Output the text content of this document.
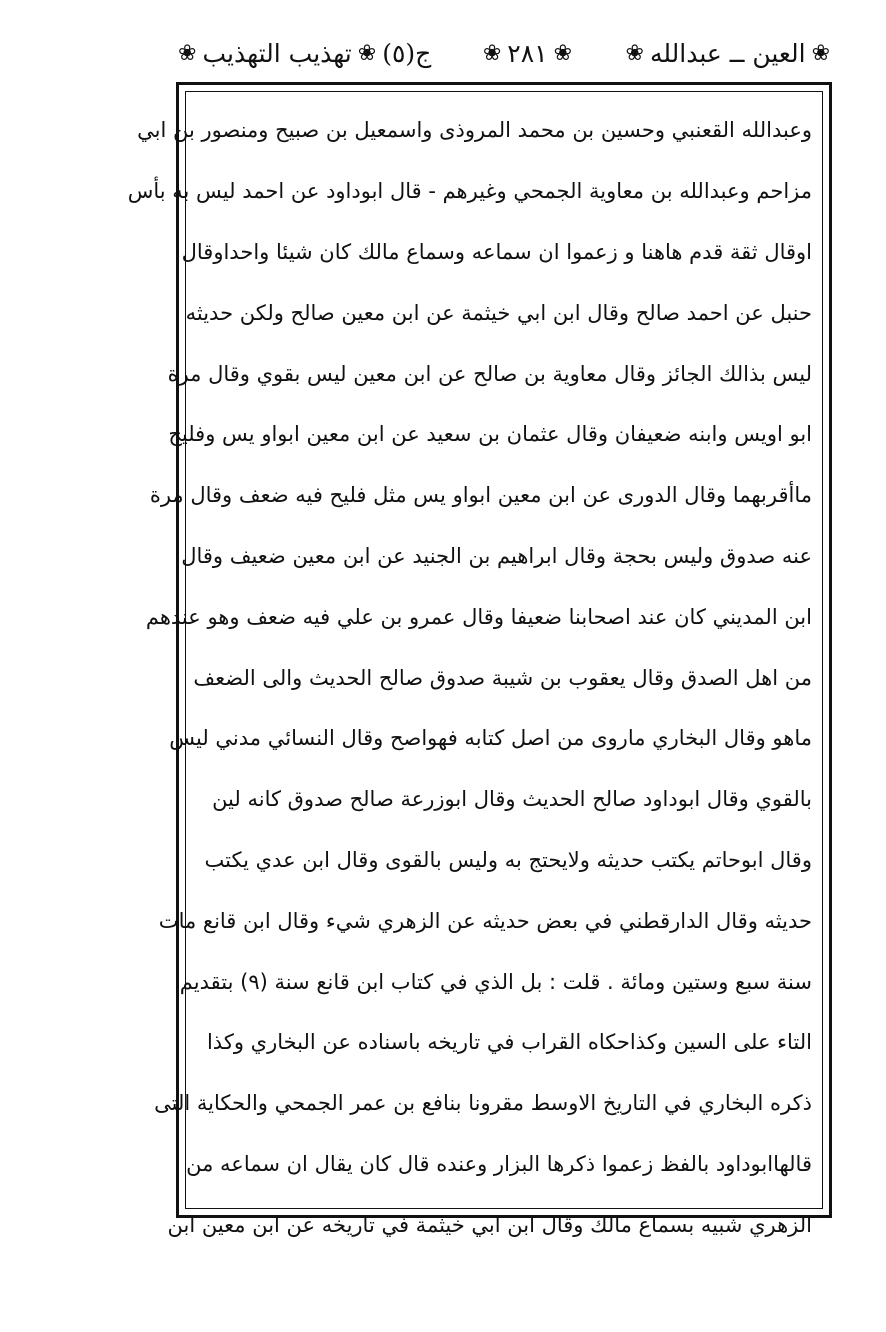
ج(٥)
❀
تهذيب التهذيب
❀	❀
٢٨١
❀	❀
العين ــ عبدالله
❀
وعبدالله القعنبي وحسين بن محمد المروذى واسمعيل بن صبيح ومنصور بن ابي
مزاحم وعبدالله بن معاوية الجمحي وغيرهم - قال ابوداود عن احمد ليس به بأس
اوقال ثقة قدم هاهنا و زعموا ان سماعه وسماع مالك كان شيئا واحداوقال
حنبل عن احمد صالح وقال ابن ابي خيثمة عن ابن معين صالح ولكن حديثه
ليس بذالك الجائز وقال معاوية بن صالح عن ابن معين ليس بقوي وقال مرة
ابو اويس وابنه ضعيفان وقال عثمان بن سعيد عن ابن معين ابواو يس وفليح
ماأقربهما وقال الدورى عن ابن معين ابواو يس مثل فليح فيه ضعف وقال مرة
عنه صدوق وليس بحجة وقال ابراهيم بن الجنيد عن ابن معين ضعيف وقال
ابن المديني كان عند اصحابنا ضعيفا وقال عمرو بن علي فيه ضعف وهو عندهم
من اهل الصدق وقال يعقوب بن شيبة صدوق صالح الحديث والى الضعف
ماهو وقال البخاري ماروى من اصل كتابه فهواصح وقال النسائي مدني ليس
بالقوي وقال ابوداود صالح الحديث وقال ابوزرعة صالح صدوق كانه لين
وقال ابوحاتم يكتب حديثه ولايحتج به وليس بالقوى وقال ابن عدي يكتب
حديثه وقال الدارقطني في بعض حديثه عن الزهري شيء وقال ابن قانع مات
سنة سبع وستين ومائة . قلت : بل الذي في كتاب ابن قانع سنة (٩) بتقديم
التاء على السين وكذاحكاه القراب في تاريخه باسناده عن البخاري وكذا
ذكره البخاري في التاريخ الاوسط مقرونا بنافع بن عمر الجمحي والحكاية التى
قالهاابوداود بالفظ زعموا ذكرها البزار وعنده قال كان يقال ان سماعه من
الزهري شبيه بسماع مالك وقال ابن ابي خيثمة في تاريخه عن ابن معين ابن
